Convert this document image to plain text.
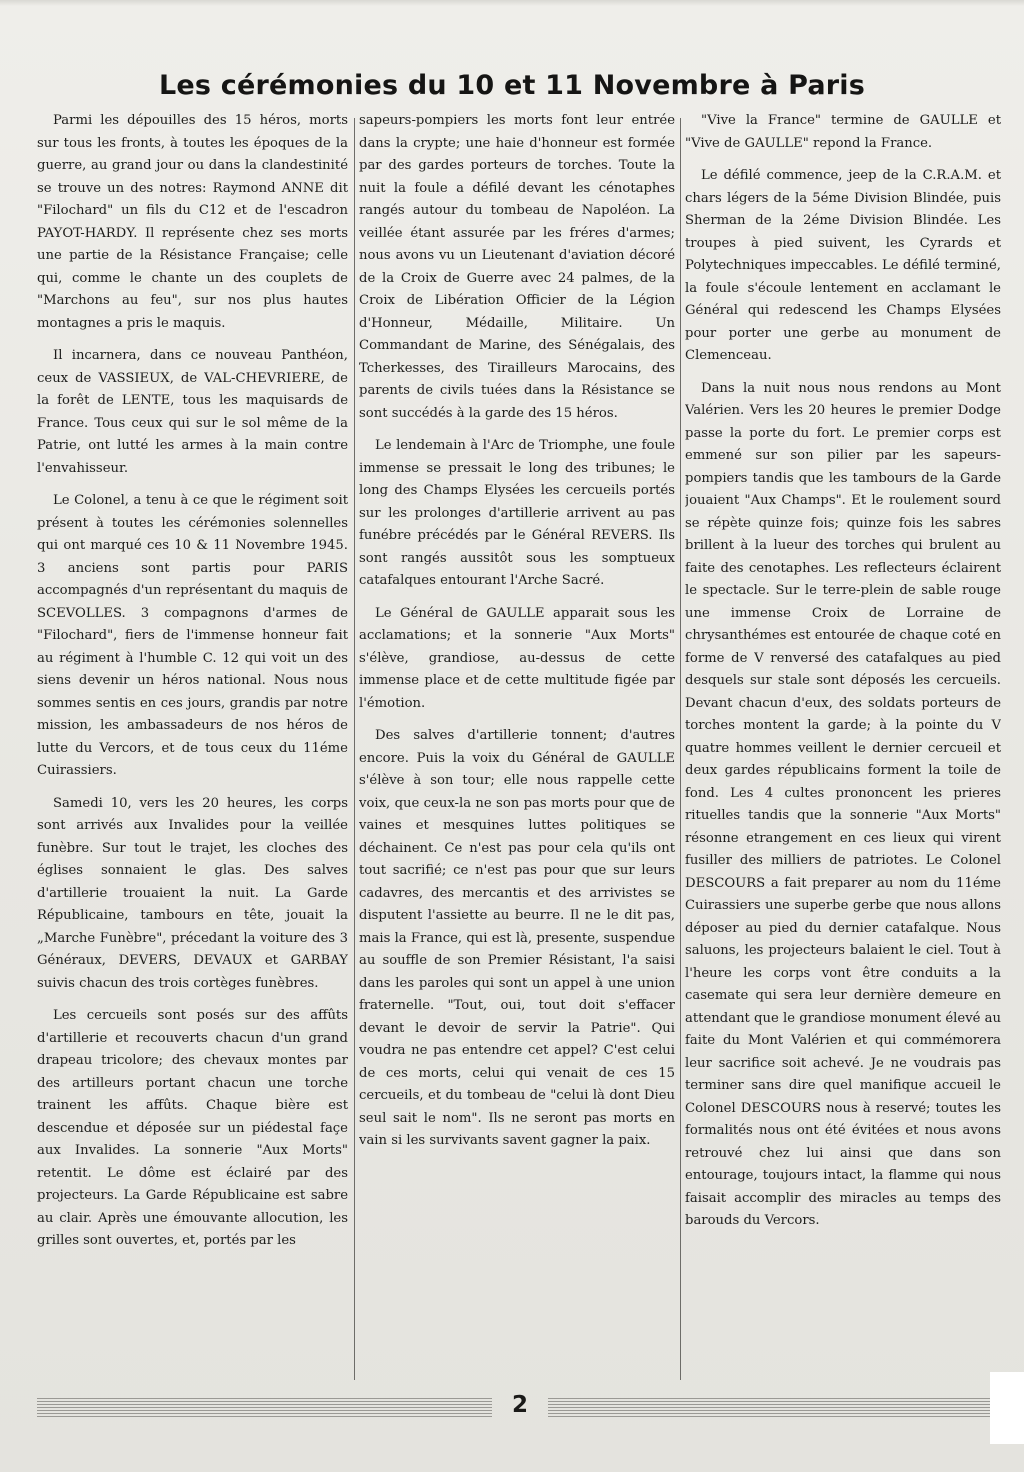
Les cérémonies du 10 et 11 Novembre à Paris

Parmi les dépouilles des 15 héros, morts sur tous les fronts, à toutes les époques de la guerre, au grand jour ou dans la clandestinité se trouve un des notres: Raymond ANNE dit "Filochard" un fils du C12 et de l'escadron PAYOT-HARDY. Il représente chez ses morts une partie de la Résistance Française; celle qui, comme le chante un des couplets de "Marchons au feu", sur nos plus hautes montagnes a pris le maquis.

Il incarnera, dans ce nouveau Panthéon, ceux de VASSIEUX, de VAL-CHEVRIERE, de la forêt de LENTE, tous les maquisards de France. Tous ceux qui sur le sol même de la Patrie, ont lutté les armes à la main contre l'envahisseur.

Le Colonel, a tenu à ce que le régiment soit présent à toutes les cérémonies solennelles qui ont marqué ces 10 & 11 Novembre 1945. 3 anciens sont partis pour PARIS accompagnés d'un représentant du maquis de SCEVOLLES. 3 compagnons d'armes de "Filochard", fiers de l'immense honneur fait au régiment à l'humble C. 12 qui voit un des siens devenir un héros national. Nous nous sommes sentis en ces jours, grandis par notre mission, les ambassadeurs de nos héros de lutte du Vercors, et de tous ceux du 11éme Cuirassiers.

Samedi 10, vers les 20 heures, les corps sont arrivés aux Invalides pour la veillée funèbre. Sur tout le trajet, les cloches des églises sonnaient le glas. Des salves d'artillerie trouaient la nuit. La Garde Républicaine, tambours en tête, jouait la „Marche Funèbre", précedant la voiture des 3 Généraux, DEVERS, DEVAUX et GARBAY suivis chacun des trois cortèges funèbres.

Les cercueils sont posés sur des affûts d'artillerie et recouverts chacun d'un grand drapeau tricolore; des chevaux montes par des artilleurs portant chacun une torche trainent les affûts. Chaque bière est descendue et déposée sur un piédestal façe aux Invalides. La sonnerie "Aux Morts" retentit. Le dôme est éclairé par des projecteurs. La Garde Républicaine est sabre au clair. Après une émouvante allocution, les grilles sont ouvertes, et, portés par les

sapeurs-pompiers les morts font leur entrée dans la crypte; une haie d'honneur est formée par des gardes porteurs de torches. Toute la nuit la foule a défilé devant les cénotaphes rangés autour du tombeau de Napoléon. La veillée étant assurée par les fréres d'armes; nous avons vu un Lieutenant d'aviation décoré de la Croix de Guerre avec 24 palmes, de la Croix de Libération Officier de la Légion d'Honneur, Médaille, Militaire. Un Commandant de Marine, des Sénégalais, des Tcherkesses, des Tirailleurs Marocains, des parents de civils tuées dans la Résistance se sont succédés à la garde des 15 héros.

Le lendemain à l'Arc de Triomphe, une foule immense se pressait le long des tribunes; le long des Champs Elysées les cercueils portés sur les prolonges d'artillerie arrivent au pas funébre précédés par le Général REVERS. Ils sont rangés aussitôt sous les somptueux catafalques entourant l'Arche Sacré.

Le Général de GAULLE apparait sous les acclamations; et la sonnerie "Aux Morts" s'élève, grandiose, au-dessus de cette immense place et de cette multitude figée par l'émotion.

Des salves d'artillerie tonnent; d'autres encore. Puis la voix du Général de GAULLE s'élève à son tour; elle nous rappelle cette voix, que ceux-la ne son pas morts pour que de vaines et mesquines luttes politiques se déchainent. Ce n'est pas pour cela qu'ils ont tout sacrifié; ce n'est pas pour que sur leurs cadavres, des mercantis et des arrivistes se disputent l'assiette au beurre. Il ne le dit pas, mais la France, qui est là, presente, suspendue au souffle de son Premier Résistant, l'a saisi dans les paroles qui sont un appel à une union fraternelle. "Tout, oui, tout doit s'effacer devant le devoir de servir la Patrie". Qui voudra ne pas entendre cet appel? C'est celui de ces morts, celui qui venait de ces 15 cercueils, et du tombeau de "celui là dont Dieu seul sait le nom". Ils ne seront pas morts en vain si les survivants savent gagner la paix.

"Vive la France" termine de GAULLE et "Vive de GAULLE" repond la France.

Le défilé commence, jeep de la C.R.A.M. et chars légers de la 5éme Division Blindée, puis Sherman de la 2éme Division Blindée. Les troupes à pied suivent, les Cyrards et Polytechniques impeccables. Le défilé terminé, la foule s'écoule lentement en acclamant le Général qui redescend les Champs Elysées pour porter une gerbe au monument de Clemenceau.

Dans la nuit nous nous rendons au Mont Valérien. Vers les 20 heures le premier Dodge passe la porte du fort. Le premier corps est emmené sur son pilier par les sapeurs-pompiers tandis que les tambours de la Garde jouaient "Aux Champs". Et le roulement sourd se répète quinze fois; quinze fois les sabres brillent à la lueur des torches qui brulent au faite des cenotaphes. Les reflecteurs éclairent le spectacle. Sur le terre-plein de sable rouge une immense Croix de Lorraine de chrysanthémes est entourée de chaque coté en forme de V renversé des catafalques au pied desquels sur stale sont déposés les cercueils. Devant chacun d'eux, des soldats porteurs de torches montent la garde; à la pointe du V quatre hommes veillent le dernier cercueil et deux gardes républicains forment la toile de fond. Les 4 cultes prononcent les prieres rituelles tandis que la sonnerie "Aux Morts" résonne etrangement en ces lieux qui virent fusiller des milliers de patriotes. Le Colonel DESCOURS a fait preparer au nom du 11éme Cuirassiers une superbe gerbe que nous allons déposer au pied du dernier catafalque. Nous saluons, les projecteurs balaient le ciel. Tout à l'heure les corps vont être conduits a la casemate qui sera leur dernière demeure en attendant que le grandiose monument élevé au faite du Mont Valérien et qui commémorera leur sacrifice soit achevé. Je ne voudrais pas terminer sans dire quel manifique accueil le Colonel DESCOURS nous à reservé; toutes les formalités nous ont été évitées et nous avons retrouvé chez lui ainsi que dans son entourage, toujours intact, la flamme qui nous faisait accomplir des miracles au temps des barouds du Vercors.

2
